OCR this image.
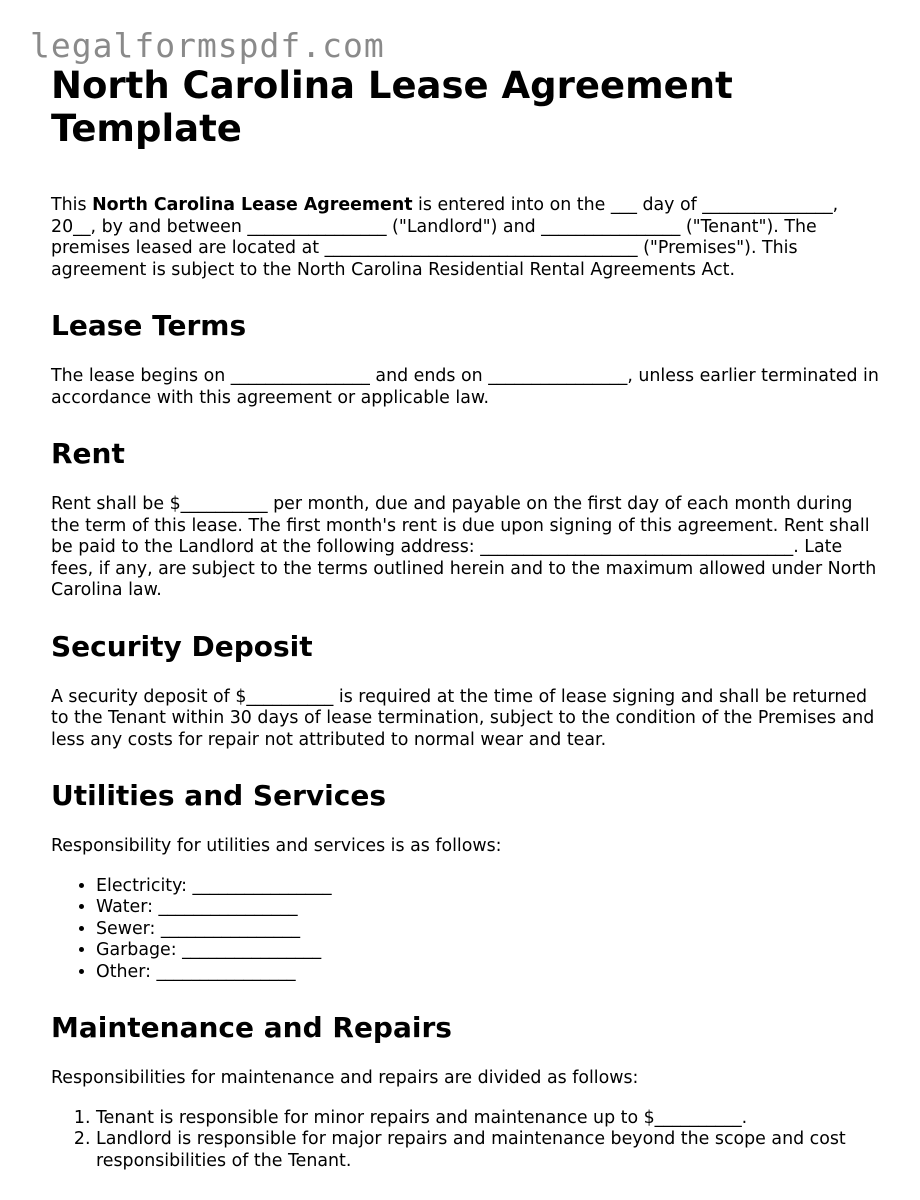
legalformspdf.com
North Carolina Lease Agreement Template

This North Carolina Lease Agreement is entered into on the ___ day of _______________, 20__, by and between ________________ ("Landlord") and ________________ ("Tenant"). The premises leased are located at ____________________________________ ("Premises"). This agreement is subject to the North Carolina Residential Rental Agreements Act.

Lease Terms

The lease begins on ________________ and ends on ________________, unless earlier terminated in accordance with this agreement or applicable law.

Rent

Rent shall be $__________ per month, due and payable on the first day of each month during the term of this lease. The first month's rent is due upon signing of this agreement. Rent shall be paid to the Landlord at the following address: ____________________________________. Late fees, if any, are subject to the terms outlined herein and to the maximum allowed under North Carolina law.

Security Deposit

A security deposit of $__________ is required at the time of lease signing and shall be returned to the Tenant within 30 days of lease termination, subject to the condition of the Premises and less any costs for repair not attributed to normal wear and tear.

Utilities and Services

Responsibility for utilities and services is as follows:

• Electricity: ________________
• Water: ________________
• Sewer: ________________
• Garbage: ________________
• Other: ________________
Maintenance and Repairs

Responsibilities for maintenance and repairs are divided as follows:

1. Tenant is responsible for minor repairs and maintenance up to $__________.
2. Landlord is responsible for major repairs and maintenance beyond the scope and cost responsibilities of the Tenant.
